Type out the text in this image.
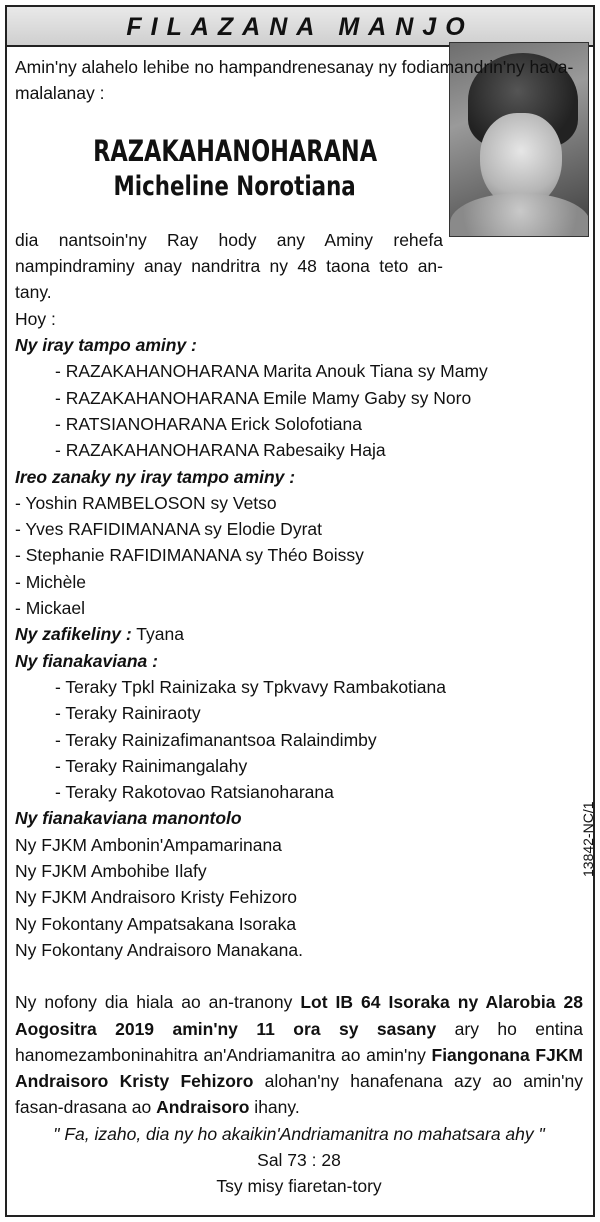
FILAZANA MANJO
Amin'ny alahelo lehibe no hampandrenesanay ny fodiamandrin'ny hava-malalanay :
RAZAKAHANOHARANA
Micheline Norotiana
dia nantsoin'ny Ray hody any Aminy rehefa nampindraminy anay nandritra ny 48 taona teto an-tany.
Hoy :
Ny iray tampo aminy :
- RAZAKAHANOHARANA Marita Anouk Tiana sy Mamy
- RAZAKAHANOHARANA Emile Mamy Gaby sy Noro
- RATSIANOHARANA Erick Solofotiana
- RAZAKAHANOHARANA Rabesaiky Haja
Ireo zanaky ny iray tampo aminy :
- Yoshin RAMBELOSON sy Vetso
- Yves RAFIDIMANANA sy Elodie Dyrat
- Stephanie RAFIDIMANANA sy Théo Boissy
- Michèle
- Mickael
Ny zafikeliny : Tyana
Ny fianakaviana :
- Teraky Tpkl Rainizaka sy Tpkvavy Rambakotiana
- Teraky Rainiraoty
- Teraky Rainizafimanantsoa Ralaindimby
- Teraky Rainimangalahy
- Teraky Rakotovao Ratsianoharana
Ny fianakaviana manontolo
Ny FJKM Ambonin'Ampamarinana
Ny FJKM Ambohibe Ilafy
Ny FJKM Andraisoro Kristy Fehizoro
Ny Fokontany Ampatsakana Isoraka
Ny Fokontany Andraisoro Manakana.
Ny nofony dia hiala ao an-tranony Lot IB 64 Isoraka ny Alarobia 28 Aogositra 2019 amin'ny 11 ora sy sasany ary ho entina hanomezamboninahitra an'Andriamanitra ao amin'ny Fiangonana FJKM Andraisoro Kristy Fehizoro alohan'ny hanafenana azy ao amin'ny fasan-drasana ao Andraisoro ihany.
" Fa, izaho, dia ny ho akaikin'Andriamanitra no mahatsara ahy "
Sal 73 : 28
Tsy misy fiaretan-tory
13842-NC/1
